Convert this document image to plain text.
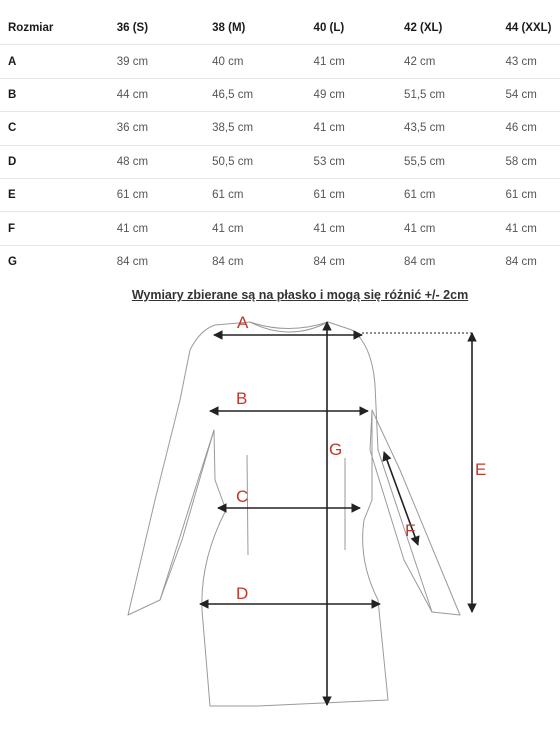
Rozmiar	36 (S)	38 (M)	40 (L)	42 (XL)	44 (XXL)
A	39 cm	40 cm	41 cm	42 cm	43 cm
B	44 cm	46,5 cm	49 cm	51,5 cm	54 cm
C	36 cm	38,5 cm	41 cm	43,5 cm	46 cm
D	48 cm	50,5 cm	53 cm	55,5 cm	58 cm
E	61 cm	61 cm	61 cm	61 cm	61 cm
F	41 cm	41 cm	41 cm	41 cm	41 cm
G	84 cm	84 cm	84 cm	84 cm	84 cm
Wymiary zbierane są na płasko i mogą się różnić +/- 2cm
A
B
C
D
G
E
F
